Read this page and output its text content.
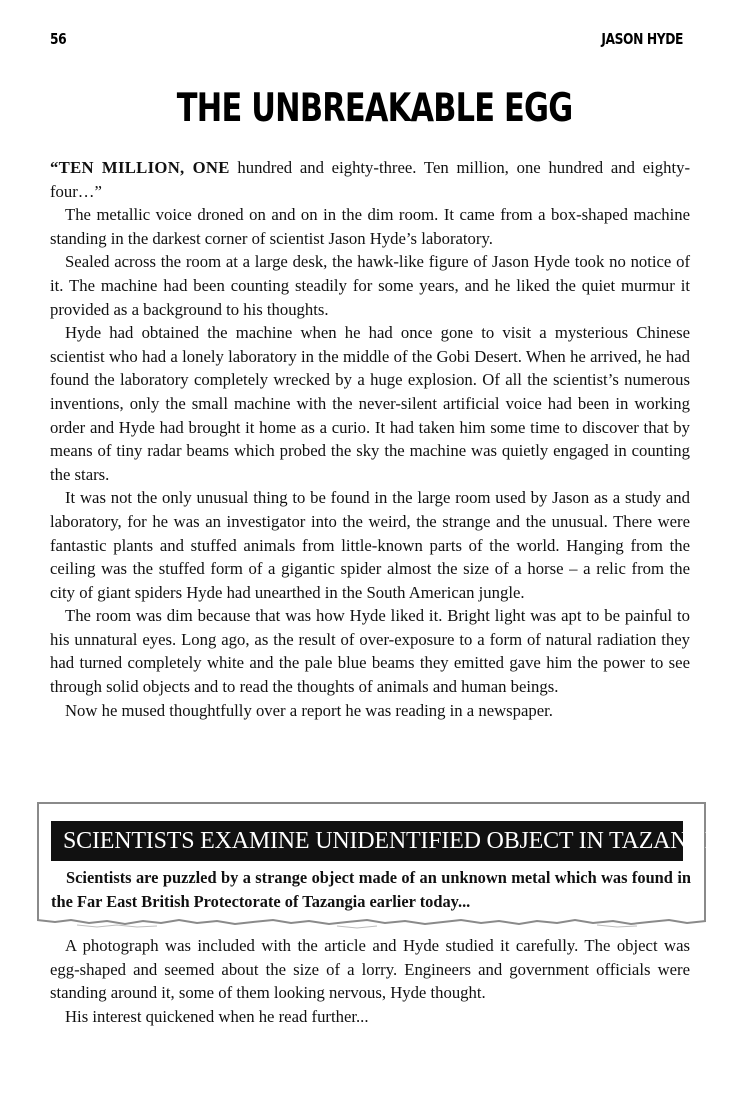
56	JASON HYDE
THE UNBREAKABLE EGG

“TEN MILLION, ONE hundred and eighty-three. Ten million, one hundred and eighty-four…”

The metallic voice droned on and on in the dim room. It came from a box-shaped machine standing in the darkest corner of scientist Jason Hyde’s laboratory.

Sealed across the room at a large desk, the hawk-like figure of Jason Hyde took no notice of it. The machine had been counting steadily for some years, and he liked the quiet murmur it provided as a background to his thoughts.

Hyde had obtained the machine when he had once gone to visit a mysterious Chinese scientist who had a lonely laboratory in the middle of the Gobi Desert. When he arrived, he had found the laboratory completely wrecked by a huge explosion. Of all the scientist’s numerous inventions, only the small machine with the never-silent artificial voice had been in working order and Hyde had brought it home as a curio. It had taken him some time to discover that by means of tiny radar beams which probed the sky the machine was quietly engaged in counting the stars.

It was not the only unusual thing to be found in the large room used by Jason as a study and laboratory, for he was an investigator into the weird, the strange and the unusual. There were fantastic plants and stuffed animals from little-known parts of the world. Hanging from the ceiling was the stuffed form of a gigantic spider almost the size of a horse – a relic from the city of giant spiders Hyde had unearthed in the South American jungle.

The room was dim because that was how Hyde liked it. Bright light was apt to be painful to his unnatural eyes. Long ago, as the result of over-exposure to a form of natural radiation they had turned completely white and the pale blue beams they emitted gave him the power to see through solid objects and to read the thoughts of animals and human beings.

Now he mused thoughtfully over a report he was reading in a newspaper.

SCIENTISTS EXAMINE UNIDENTIFIED OBJECT IN TAZANGIA

Scientists are puzzled by a strange object made of an unknown metal which was found in the Far East British Protectorate of Tazangia earlier today...

A photograph was included with the article and Hyde studied it carefully. The object was egg-shaped and seemed about the size of a lorry. Engineers and government officials were standing around it, some of them looking nervous, Hyde thought.

His interest quickened when he read further...
